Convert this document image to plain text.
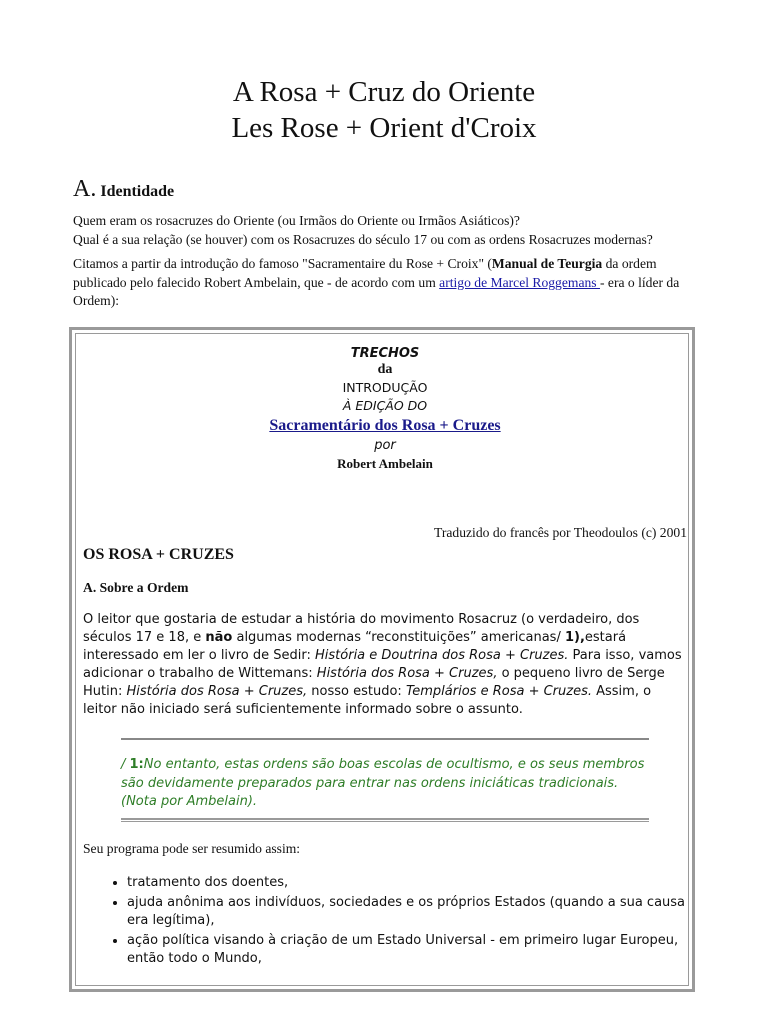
A Rosa + Cruz do Oriente
Les Rose + Orient d'Croix
A. Identidade

Quem eram os rosacruzes do Oriente (ou Irmãos do Oriente ou Irmãos Asiáticos)?

Qual é a sua relação (se houver) com os Rosacruzes do século 17 ou com as ordens Rosacruzes modernas?

Citamos a partir da introdução do famoso "Sacramentaire du Rose + Croix" (Manual de Teurgia da ordem publicado pelo falecido Robert Ambelain, que - de acordo com um artigo de Marcel Roggemans - era o líder da Ordem):

TRECHOS
da
INTRODUÇÃO
À EDIÇÃO DO
Sacramentário dos Rosa + Cruzes
por
Robert Ambelain
Traduzido do francês por Theodoulos (c) 2001
OS ROSA + CRUZES
A. Sobre a Ordem
O leitor que gostaria de estudar a história do movimento Rosacruz (o verdadeiro, dos séculos 17 e 18, e não algumas modernas “reconstituições” americanas/ 1),estará interessado em ler o livro de Sedir: História e Doutrina dos Rosa + Cruzes. Para isso, vamos adicionar o trabalho de Wittemans: História dos Rosa + Cruzes, o pequeno livro de Serge Hutin: História dos Rosa + Cruzes, nosso estudo: Templários e Rosa + Cruzes. Assim, o leitor não iniciado será suficientemente informado sobre o assunto.
/ 1:No entanto, estas ordens são boas escolas de ocultismo, e os seus membros são devidamente preparados para entrar nas ordens iniciáticas tradicionais.(Nota por Ambelain).
Seu programa pode ser resumido assim:
• tratamento dos doentes,
• ajuda anônima aos indivíduos, sociedades e os próprios Estados (quando a sua causa era legítima),
• ação política visando à criação de um Estado Universal - em primeiro lugar Europeu, então todo o Mundo,
